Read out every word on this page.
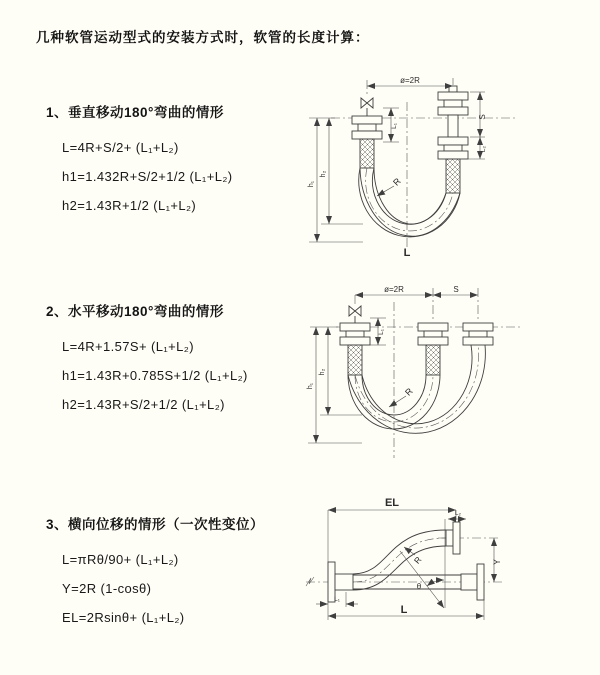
几种软管运动型式的安装方式时，软管的长度计算：
1、垂直移动180°弯曲的情形
L=4R+S/2+ (L₁+L₂)
h1=1.432R+S/2+1/2 (L₁+L₂)
h2=1.43R+1/2 (L₁+L₂)
ø=2R
S
L₂
h₁
h₂
L₁
R
L
2、水平移动180°弯曲的情形
L=4R+1.57S+ (L₁+L₂)
h1=1.43R+0.785S+1/2 (L₁+L₂)
h2=1.43R+S/2+1/2 (L₁+L₂)
ø=2R	S
h₁
h₂
L₁
R
3、横向位移的情形（一次性变位）
L=πRθ/90+ (L₁+L₂)
Y=2R (1-cosθ)
EL=2Rsinθ+ (L₁+L₂)
EL
L₂
Y
L
L₁
R
θ
